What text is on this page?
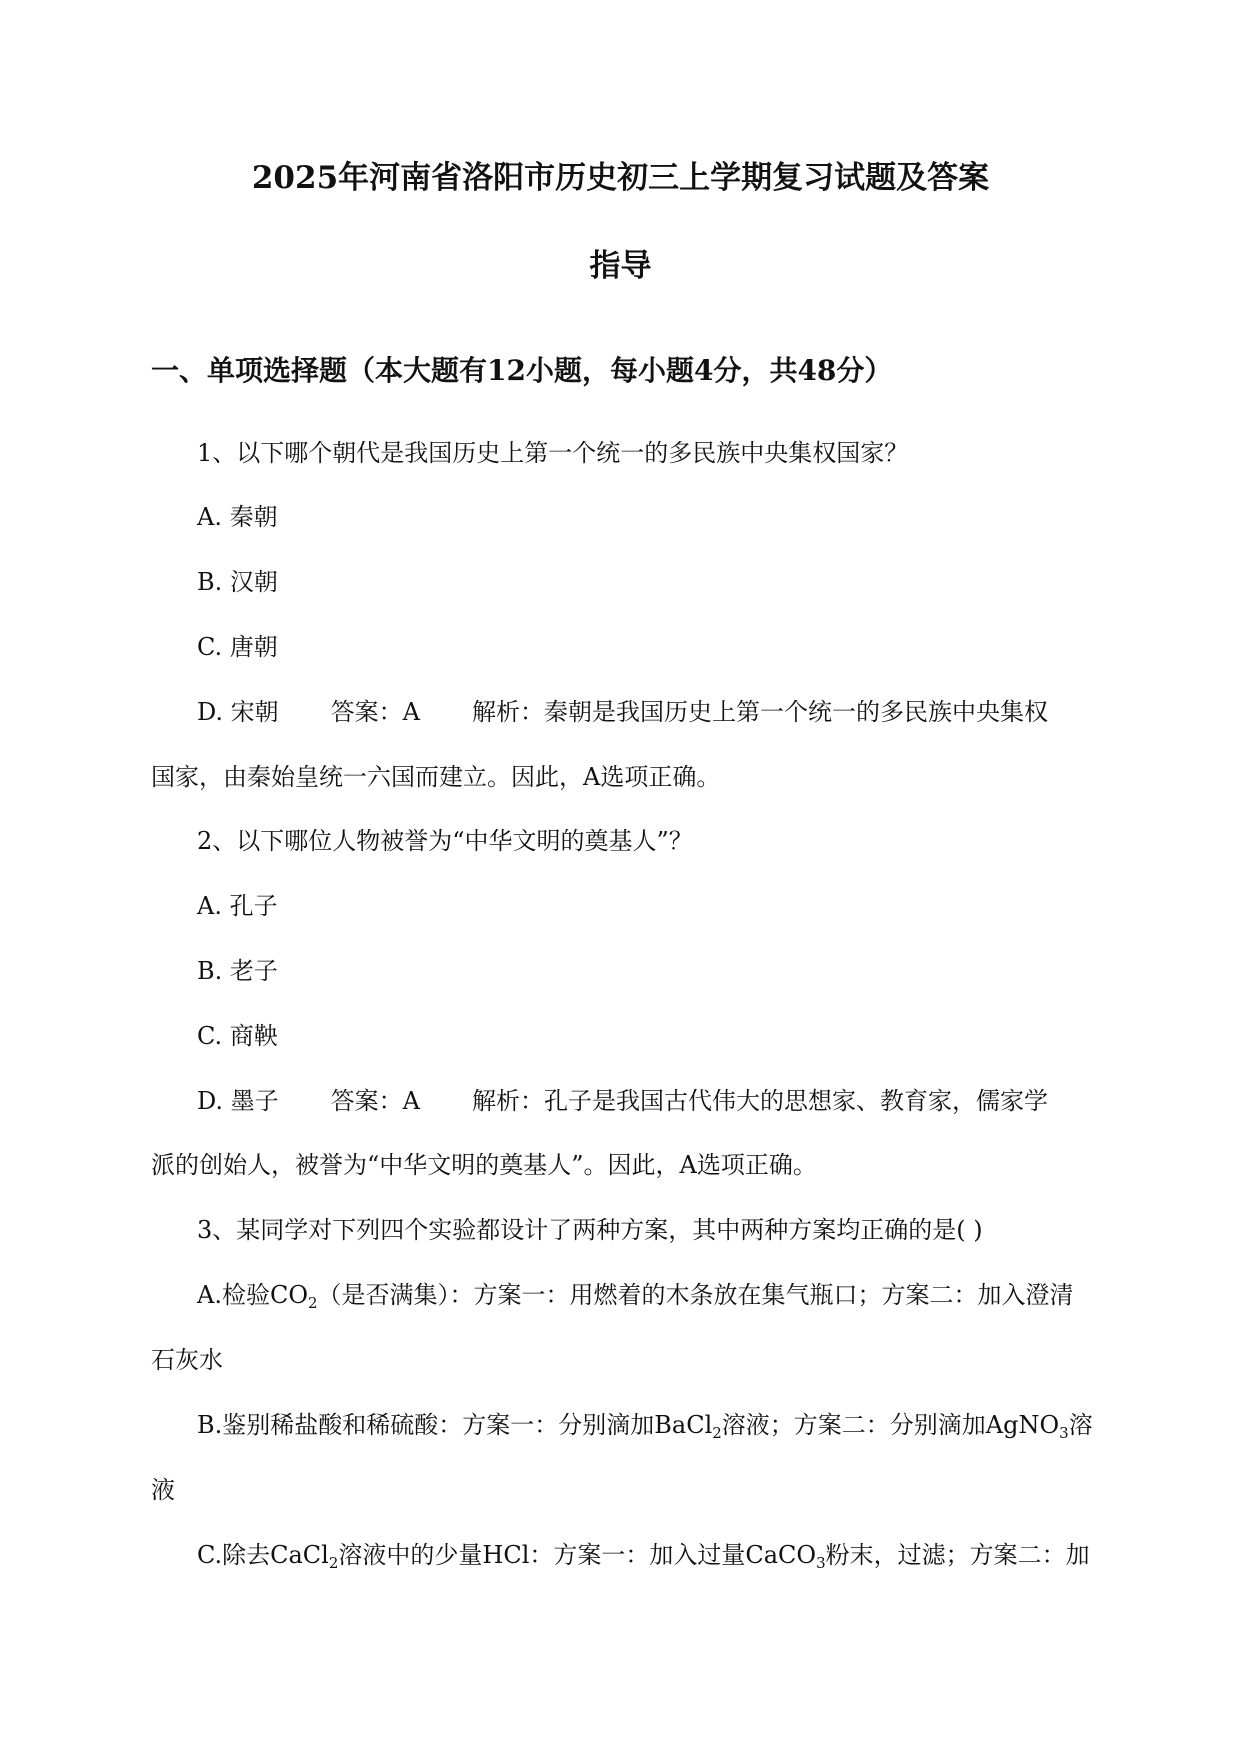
2025年河南省洛阳市历史初三上学期复习试题及答案
指导
一、单项选择题（本大题有12小题，每小题4分，共48分）
1、以下哪个朝代是我国历史上第一个统一的多民族中央集权国家？
A. 秦朝
B. 汉朝
C. 唐朝
D. 宋朝 答案：A 解析：秦朝是我国历史上第一个统一的多民族中央集权
国家，由秦始皇统一六国而建立。因此，A选项正确。
2、以下哪位人物被誉为“中华文明的奠基人”？
A. 孔子
B. 老子
C. 商鞅
D. 墨子 答案：A 解析：孔子是我国古代伟大的思想家、教育家，儒家学
派的创始人，被誉为“中华文明的奠基人”。因此，A选项正确。
3、某同学对下列四个实验都设计了两种方案，其中两种方案均正确的是( )
A.检验$CO_2$（是否满集）：方案一：用燃着的木条放在集气瓶口；方案二：加入澄清
石灰水
B.鉴别稀盐酸和稀硫酸：方案一：分别滴加BaCl$_2$溶液；方案二：分别滴加AgNO$_3$溶
液
C.除去CaCl$_2$溶液中的少量HCl：方案一：加入过量CaCO$_3$粉末，过滤；方案二：加
